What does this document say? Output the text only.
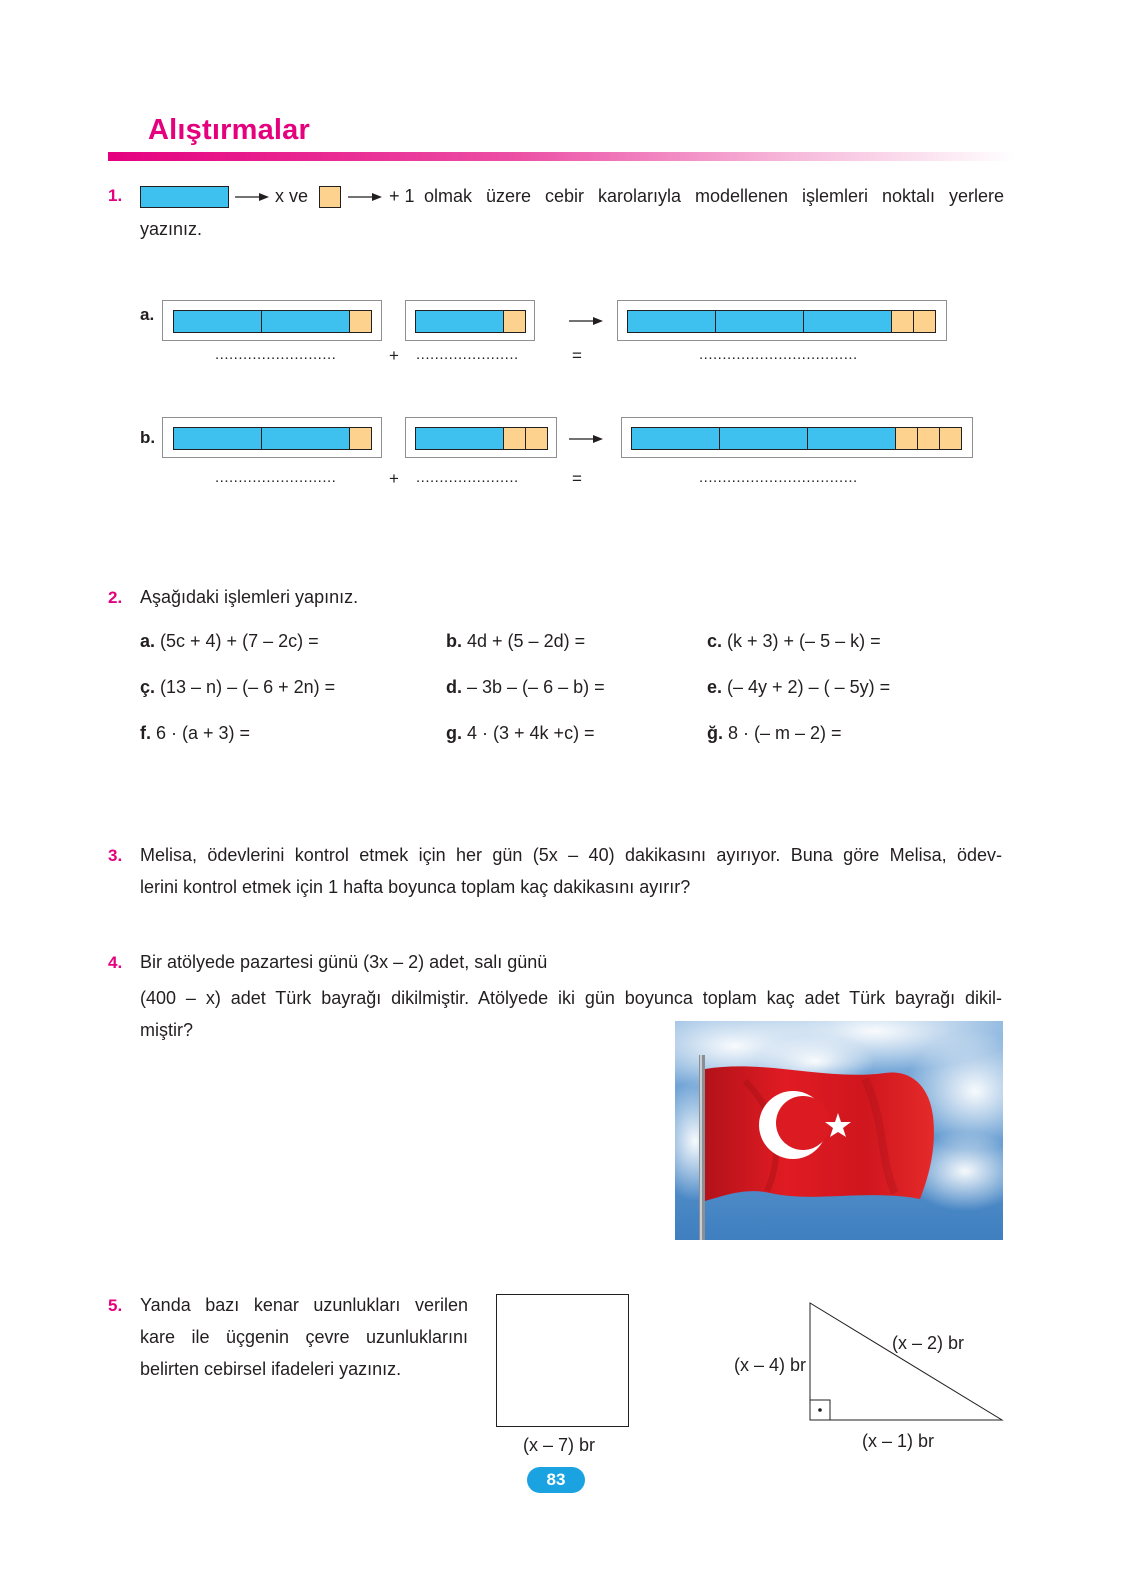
Alıştırmalar
1.	x ve	+ 1 olmak üzere cebir karolarıyla modellenen işlemleri noktalı yerlere
yazınız.
a.
..........................	+ ......................	=	..................................
b.
..........................	+ ......................	=	..................................
2. Aşağıdaki işlemleri yapınız.
a. (5c + 4) + (7 – 2c) =	b. 4d + (5 – 2d) =	c. (k + 3) + (– 5 – k) =
ç. (13 – n) – (– 6 + 2n) =	d. – 3b – (– 6 – b) =	e. (– 4y + 2) – ( – 5y) =
f. 6 · (a + 3) =	g. 4 · (3 + 4k +c) =	ğ. 8 · (– m – 2) =
3. Melisa, ödevlerini kontrol etmek için her gün (5x – 40) dakikasını ayırıyor. Buna göre Melisa, ödev-
lerini kontrol etmek için 1 hafta boyunca toplam kaç dakikasını ayırır?
4. Bir atölyede pazartesi günü (3x – 2) adet, salı günü
(400 – x) adet Türk bayrağı dikilmiştir. Atölyede iki gün boyunca toplam kaç adet Türk bayrağı dikil-
miştir?
5. Yanda bazı kenar uzunlukları verilen
kare ile üçgenin çevre uzunluklarını
belirten cebirsel ifadeleri yazınız.
(x – 7) br
(x – 4) br
(x – 2) br
(x – 1) br
83
